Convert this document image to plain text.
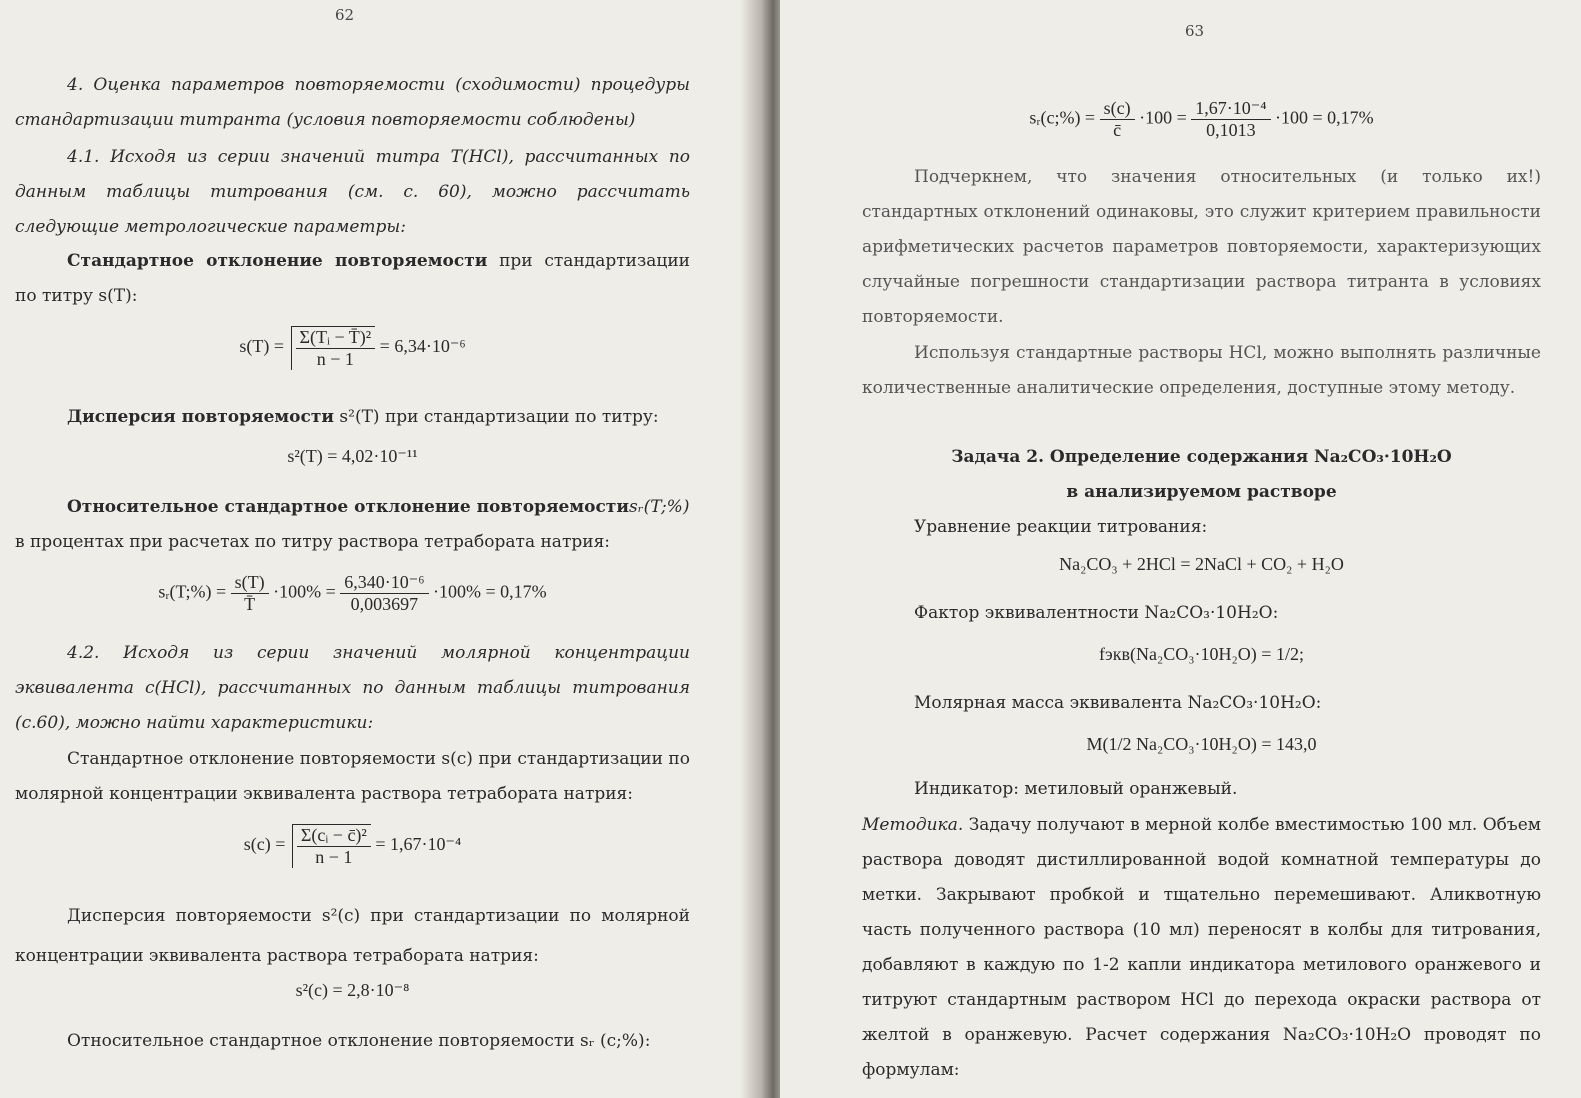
62

4. Оценка параметров повторяемости (сходимости) процедуры стандартизации титранта (условия повторяемости соблюдены)

4.1. Исходя из серии значений титра T(HCl), рассчитанных по данным таблицы титрования (см. с. 60), можно рассчитать следующие метрологические параметры:

Стандартное отклонение повторяемости при стандартизации по титру s(T):

$s(T) = \frac{\text{Σ(Tᵢ − T̄)²}}{n - 1} = 6,34\cdot 10^{-6}$

Дисперсия повторяемости s²(T) при стандартизации по титру:

s²(T) = 4,02·10⁻¹¹

Относительное стандартное отклонение повторяемостиsᵣ(T;%)

в процентах при расчетах по титру раствора тетрабората натрия:

sᵣ(T;%) = $\frac{s(T)}{T̄} \cdot 100\% = \frac{\text{6,340·10⁻⁶}}{0,003697} \cdot 100\% = 0,17\%$

4.2. Исходя из серии значений молярной концентрации эквивалента c(HCl), рассчитанных по данным таблицы титрования (с.60), можно найти характеристики:

Стандартное отклонение повторяемости s(c) при стандартизации по молярной концентрации эквивалента раствора тетрабората натрия:

$s(c) = \frac{\text{Σ(cᵢ − c̄)²}}{n - 1} = 1,67\cdot 10^{-4}$

Дисперсия повторяемости s²(c) при стандартизации по молярной концентрации эквивалента раствора тетрабората натрия:

s²(c) = 2,8·10⁻⁸

Относительное стандартное отклонение повторяемости sᵣ (c;%):

63
sᵣ(c;%) = $\frac{s(c)}{c̄} \cdot 100 = \frac{\text{1,67·10⁻⁴}}{0,1013} \cdot 100 = 0,17\%$

Подчеркнем, что значения относительных (и только их!) стандартных отклонений одинаковы, это служит критерием правильности арифметических расчетов параметров повторяемости, характеризующих случайные погрешности стандартизации раствора титранта в условиях повторяемости.

Используя стандартные растворы HCl, можно выполнять различные количественные аналитические определения, доступные этому методу.

Задача 2. Определение содержания Na₂CO₃·10H₂O

в анализируемом растворе

Уравнение реакции титрования:

Na₂CO₃ + 2HCl = 2NaCl + CO₂ + H₂O

Фактор эквивалентности Na₂CO₃·10H₂O:

fэкв(Na₂CO₃·10H₂O) = 1/2;

Молярная масса эквивалента Na₂CO₃·10H₂O:

M(1/2 Na₂CO₃·10H₂O) = 143,0

Индикатор: метиловый оранжевый.

Методика. Задачу получают в мерной колбе вместимостью 100 мл. Объем раствора доводят дистиллированной водой комнатной температуры до метки. Закрывают пробкой и тщательно перемешивают. Аликвотную часть полученного раствора (10 мл) переносят в колбы для титрования, добавляют в каждую по 1-2 капли индикатора метилового оранжевого и титруют стандартным раствором HCl до перехода окраски раствора от желтой в оранжевую. Расчет содержания Na₂CO₃·10H₂O проводят по формулам:
